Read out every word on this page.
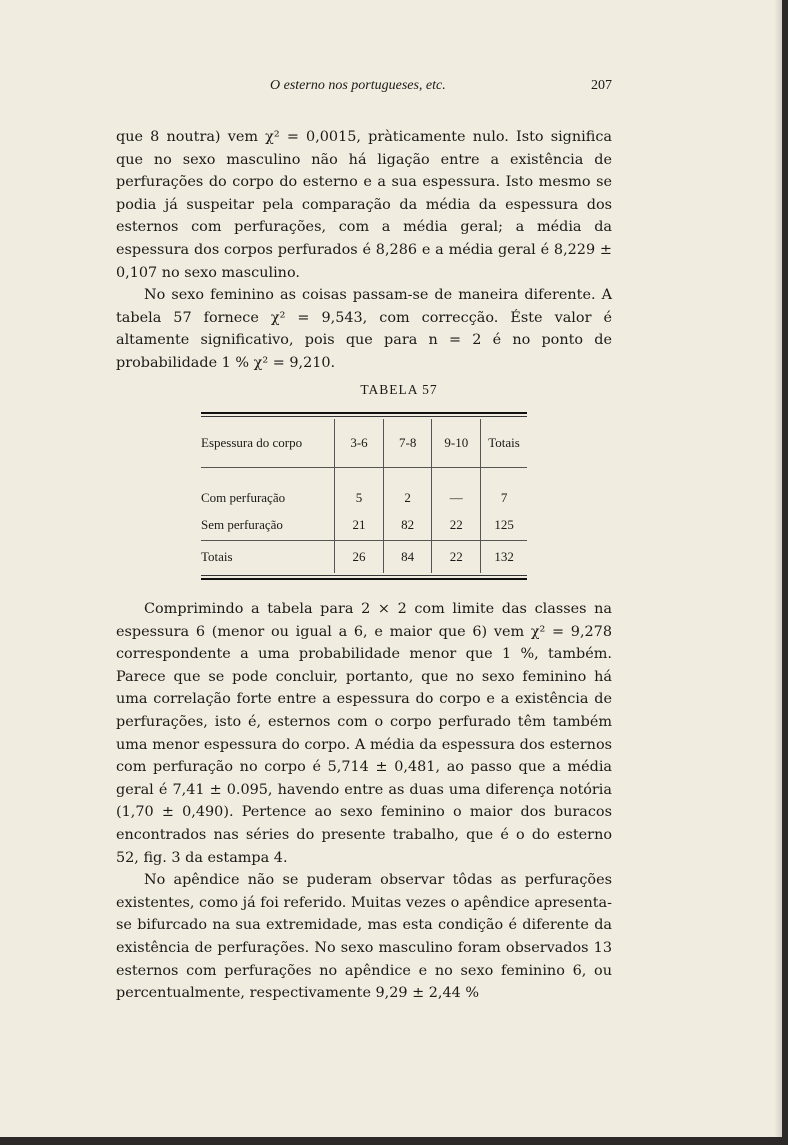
O esterno nos portugueses, etc.	207

que 8 noutra) vem χ² = 0,0015, pràticamente nulo. Isto significa que no sexo masculino não há ligação entre a existência de perfurações do corpo do esterno e a sua espessura. Isto mesmo se podia já suspeitar pela comparação da média da espessura dos esternos com perfurações, com a média geral; a média da espessura dos corpos perfurados é 8,286 e a média geral é 8,229 ± 0,107 no sexo masculino.

No sexo feminino as coisas passam-se de maneira diferente. A tabela 57 fornece χ² = 9,543, com correcção. Éste valor é altamente significativo, pois que para n = 2 é no ponto de probabilidade 1 % χ² = 9,210.

TABELA 57
Espessura do corpo	3-6	7-8	9-10	Totais
Com perfuração	5	2	—	7
Sem perfuração	21	82	22	125
Totais	26	84	22	132

Comprimindo a tabela para 2 × 2 com limite das classes na espessura 6 (menor ou igual a 6, e maior que 6) vem χ² = 9,278 correspondente a uma probabilidade menor que 1 %, também. Parece que se pode concluir, portanto, que no sexo feminino há uma correlação forte entre a espessura do corpo e a existência de perfurações, isto é, esternos com o corpo perfurado têm também uma menor espessura do corpo. A média da espessura dos esternos com perfuração no corpo é 5,714 ± 0,481, ao passo que a média geral é 7,41 ± 0.095, havendo entre as duas uma diferença notória (1,70 ± 0,490). Pertence ao sexo feminino o maior dos buracos encontrados nas séries do presente trabalho, que é o do esterno 52, fig. 3 da estampa 4.

No apêndice não se puderam observar tôdas as perfurações existentes, como já foi referido. Muitas vezes o apêndice apresenta-se bifurcado na sua extremidade, mas esta condição é diferente da existência de perfurações. No sexo masculino foram observados 13 esternos com perfurações no apêndice e no sexo feminino 6, ou percentualmente, respectivamente 9,29 ± 2,44 %
